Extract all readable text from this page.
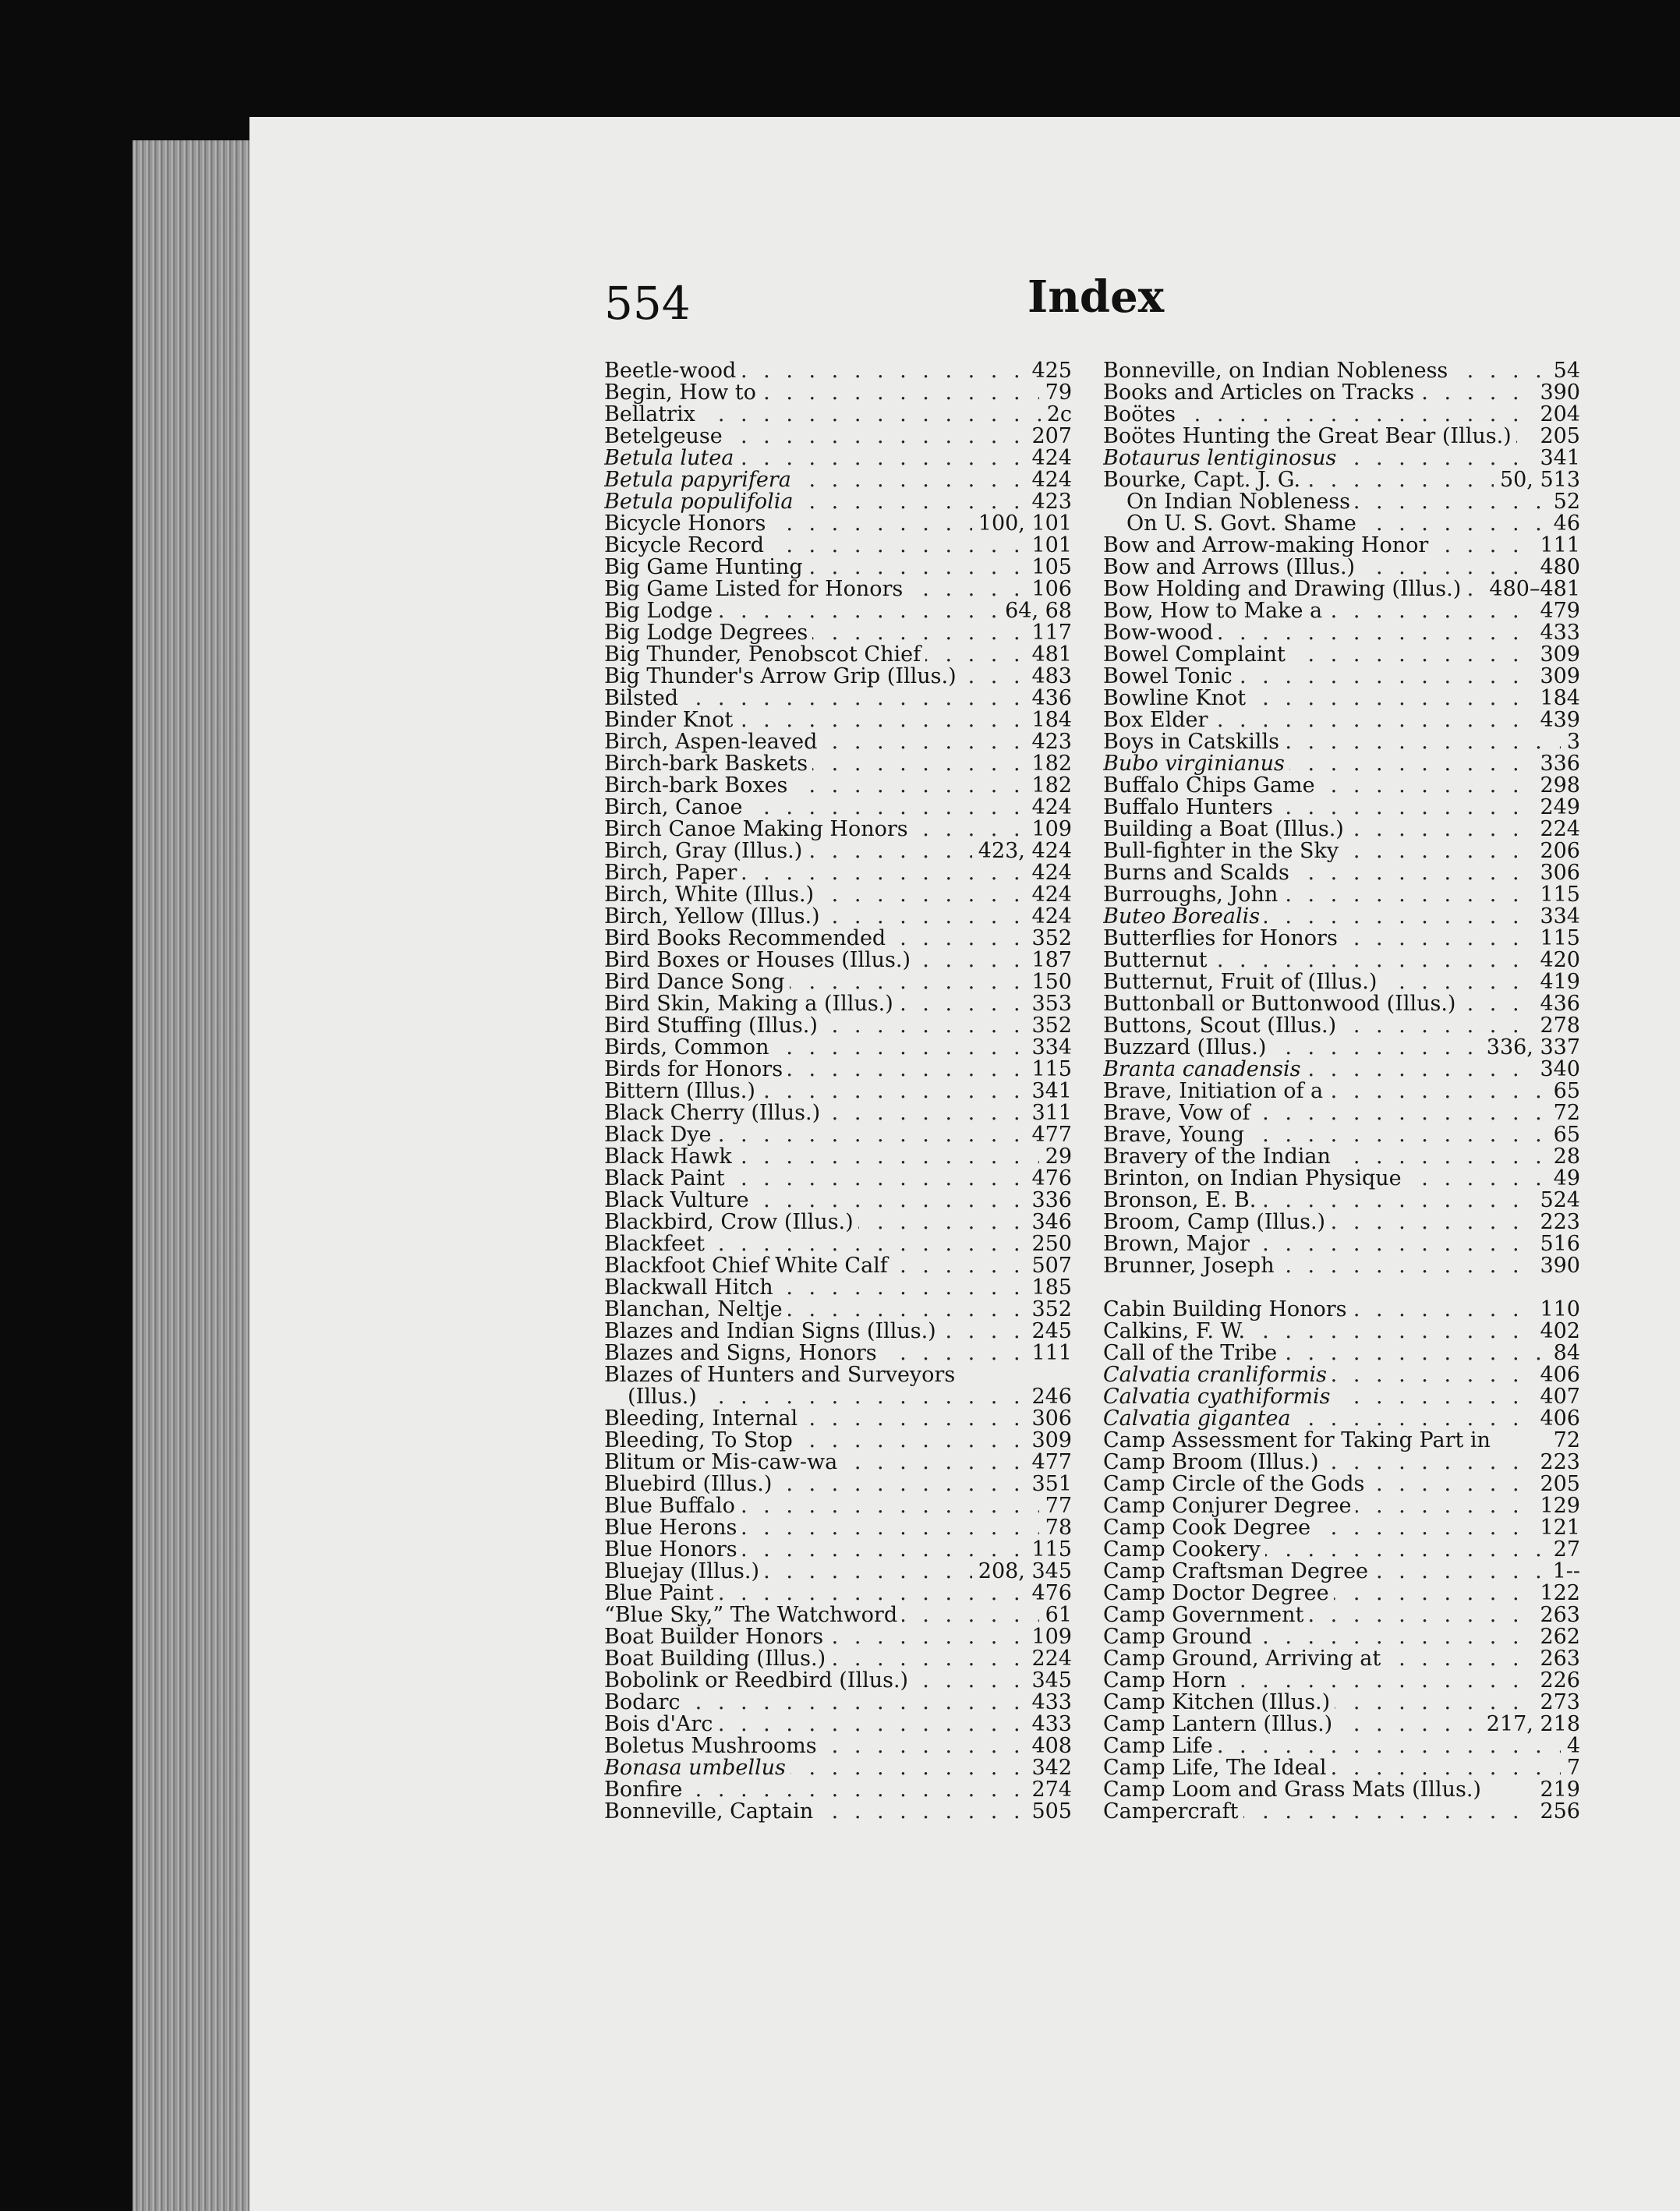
554	Index
Beetle-wood	425
. . .
Begin, How to	79
. . .
Bellatrix	2c
. . .
Betelgeuse	207
. . .
Betula lutea	424
. . .
Betula papyrifera	424
. . .
Betula populifolia	423
. . .
Bicycle Honors	100, 101
. . .
Bicycle Record	101
. . .
Big Game Hunting	105
. . .
Big Game Listed for Honors	106
. . .
Big Lodge	64, 68
. . .
Big Lodge Degrees	117
. . .
Big Thunder, Penobscot Chief	481
. . .
Big Thunder's Arrow Grip (Illus.)	483
. . .
Bilsted	436
. . .
Binder Knot	184
. . .
Birch, Aspen-leaved	423
. . .
Birch-bark Baskets	182
. . .
Birch-bark Boxes	182
. . .
Birch, Canoe	424
. . .
Birch Canoe Making Honors	109
. . .
Birch, Gray (Illus.)	423, 424
. . .
Birch, Paper	424
. . .
Birch, White (Illus.)	424
. . .
Birch, Yellow (Illus.)	424
. . .
Bird Books Recommended	352
. . .
Bird Boxes or Houses (Illus.)	187
. . .
Bird Dance Song	150
. . .
Bird Skin, Making a (Illus.)	353
. . .
Bird Stuffing (Illus.)	352
. . .
Birds, Common	334
. . .
Birds for Honors	115
. . .
Bittern (Illus.)	341
. . .
Black Cherry (Illus.)	311
. . .
Black Dye	477
. . .
Black Hawk	29
. . .
Black Paint	476
. . .
Black Vulture	336
. . .
Blackbird, Crow (Illus.)	346
. . .
Blackfeet	250
. . .
Blackfoot Chief White Calf	507
. . .
Blackwall Hitch	185
. . .
Blanchan, Neltje	352
. . .
Blazes and Indian Signs (Illus.)	245
. . .
Blazes and Signs, Honors	111
. . .
Blazes of Hunters and Surveyors
(Illus.)	246
. . .
Bleeding, Internal	306
. . .
Bleeding, To Stop	309
. . .
Blitum or Mis-caw-wa	477
. . .
Bluebird (Illus.)	351
. . .
Blue Buffalo	77
. . .
Blue Herons	78
. . .
Blue Honors	115
. . .
Bluejay (Illus.)	208, 345
. . .
Blue Paint	476
. . .
“Blue Sky,” The Watchword	61
. . .
Boat Builder Honors	109
. . .
Boat Building (Illus.)	224
. . .
Bobolink or Reedbird (Illus.)	345
. . .
Bodarc	433
. . .
Bois d'Arc	433
. . .
Boletus Mushrooms	408
. . .
Bonasa umbellus	342
. . .
Bonfire	274
. . .
Bonneville, Captain	505
. . .
Bonneville, on Indian Nobleness	54
. . .
Books and Articles on Tracks	390
. . .
Boötes	204
. . .
Boötes Hunting the Great Bear (Illus.) 205
. . .
Botaurus lentiginosus	341
. . .
Bourke, Capt. J. G.	50, 513
. . .
On Indian Nobleness	52
. . .
On U. S. Govt. Shame	46
. . .
Bow and Arrow-making Honor	111
. . .
Bow and Arrows (Illus.)	480
. . .
Bow Holding and Drawing (Illus.) 480–481
. . .
Bow, How to Make a	479
. . .
Bow-wood	433
. . .
Bowel Complaint	309
. . .
Bowel Tonic	309
. . .
Bowline Knot	184
. . .
Box Elder	439
. . .
Boys in Catskills	3
. . .
Bubo virginianus	336
. . .
Buffalo Chips Game	298
. . .
Buffalo Hunters	249
. . .
Building a Boat (Illus.)	224
. . .
Bull-fighter in the Sky	206
. . .
Burns and Scalds	306
. . .
Burroughs, John	115
. . .
Buteo Borealis	334
. . .
Butterflies for Honors	115
. . .
Butternut	420
. . .
Butternut, Fruit of (Illus.)	419
. . .
Buttonball or Buttonwood (Illus.)	436
. . .
Buttons, Scout (Illus.)	278
. . .
Buzzard (Illus.)	336, 337
. . .
Branta canadensis	340
. . .
Brave, Initiation of a	65
. . .
Brave, Vow of	72
. . .
Brave, Young	65
. . .
Bravery of the Indian	28
. . .
Brinton, on Indian Physique	49
. . .
Bronson, E. B.	524
. . .
Broom, Camp (Illus.)	223
. . .
Brown, Major	516
. . .
Brunner, Joseph	390
. . .
Cabin Building Honors	110
. . .
Calkins, F. W.	402
. . .
Call of the Tribe	84
. . .
Calvatia cranliformis	406
. . .
Calvatia cyathiformis	407
. . .
Calvatia gigantea	406
. . .
Camp Assessment for Taking Part in	72
Camp Broom (Illus.)	223
. . .
Camp Circle of the Gods	205
. . .
Camp Conjurer Degree	129
. . .
Camp Cook Degree	121
. . .
Camp Cookery	27
. . .
Camp Craftsman Degree	1--
. . .
Camp Doctor Degree	122
. . .
Camp Government	263
. . .
Camp Ground	262
. . .
Camp Ground, Arriving at	263
. . .
Camp Horn	226
. . .
Camp Kitchen (Illus.)	273
. . .
Camp Lantern (Illus.)	217, 218
. . .
Camp Life	4
. . .
Camp Life, The Ideal	7
. . .
Camp Loom and Grass Mats (Illus.)	219
Campercraft	256
. . .
